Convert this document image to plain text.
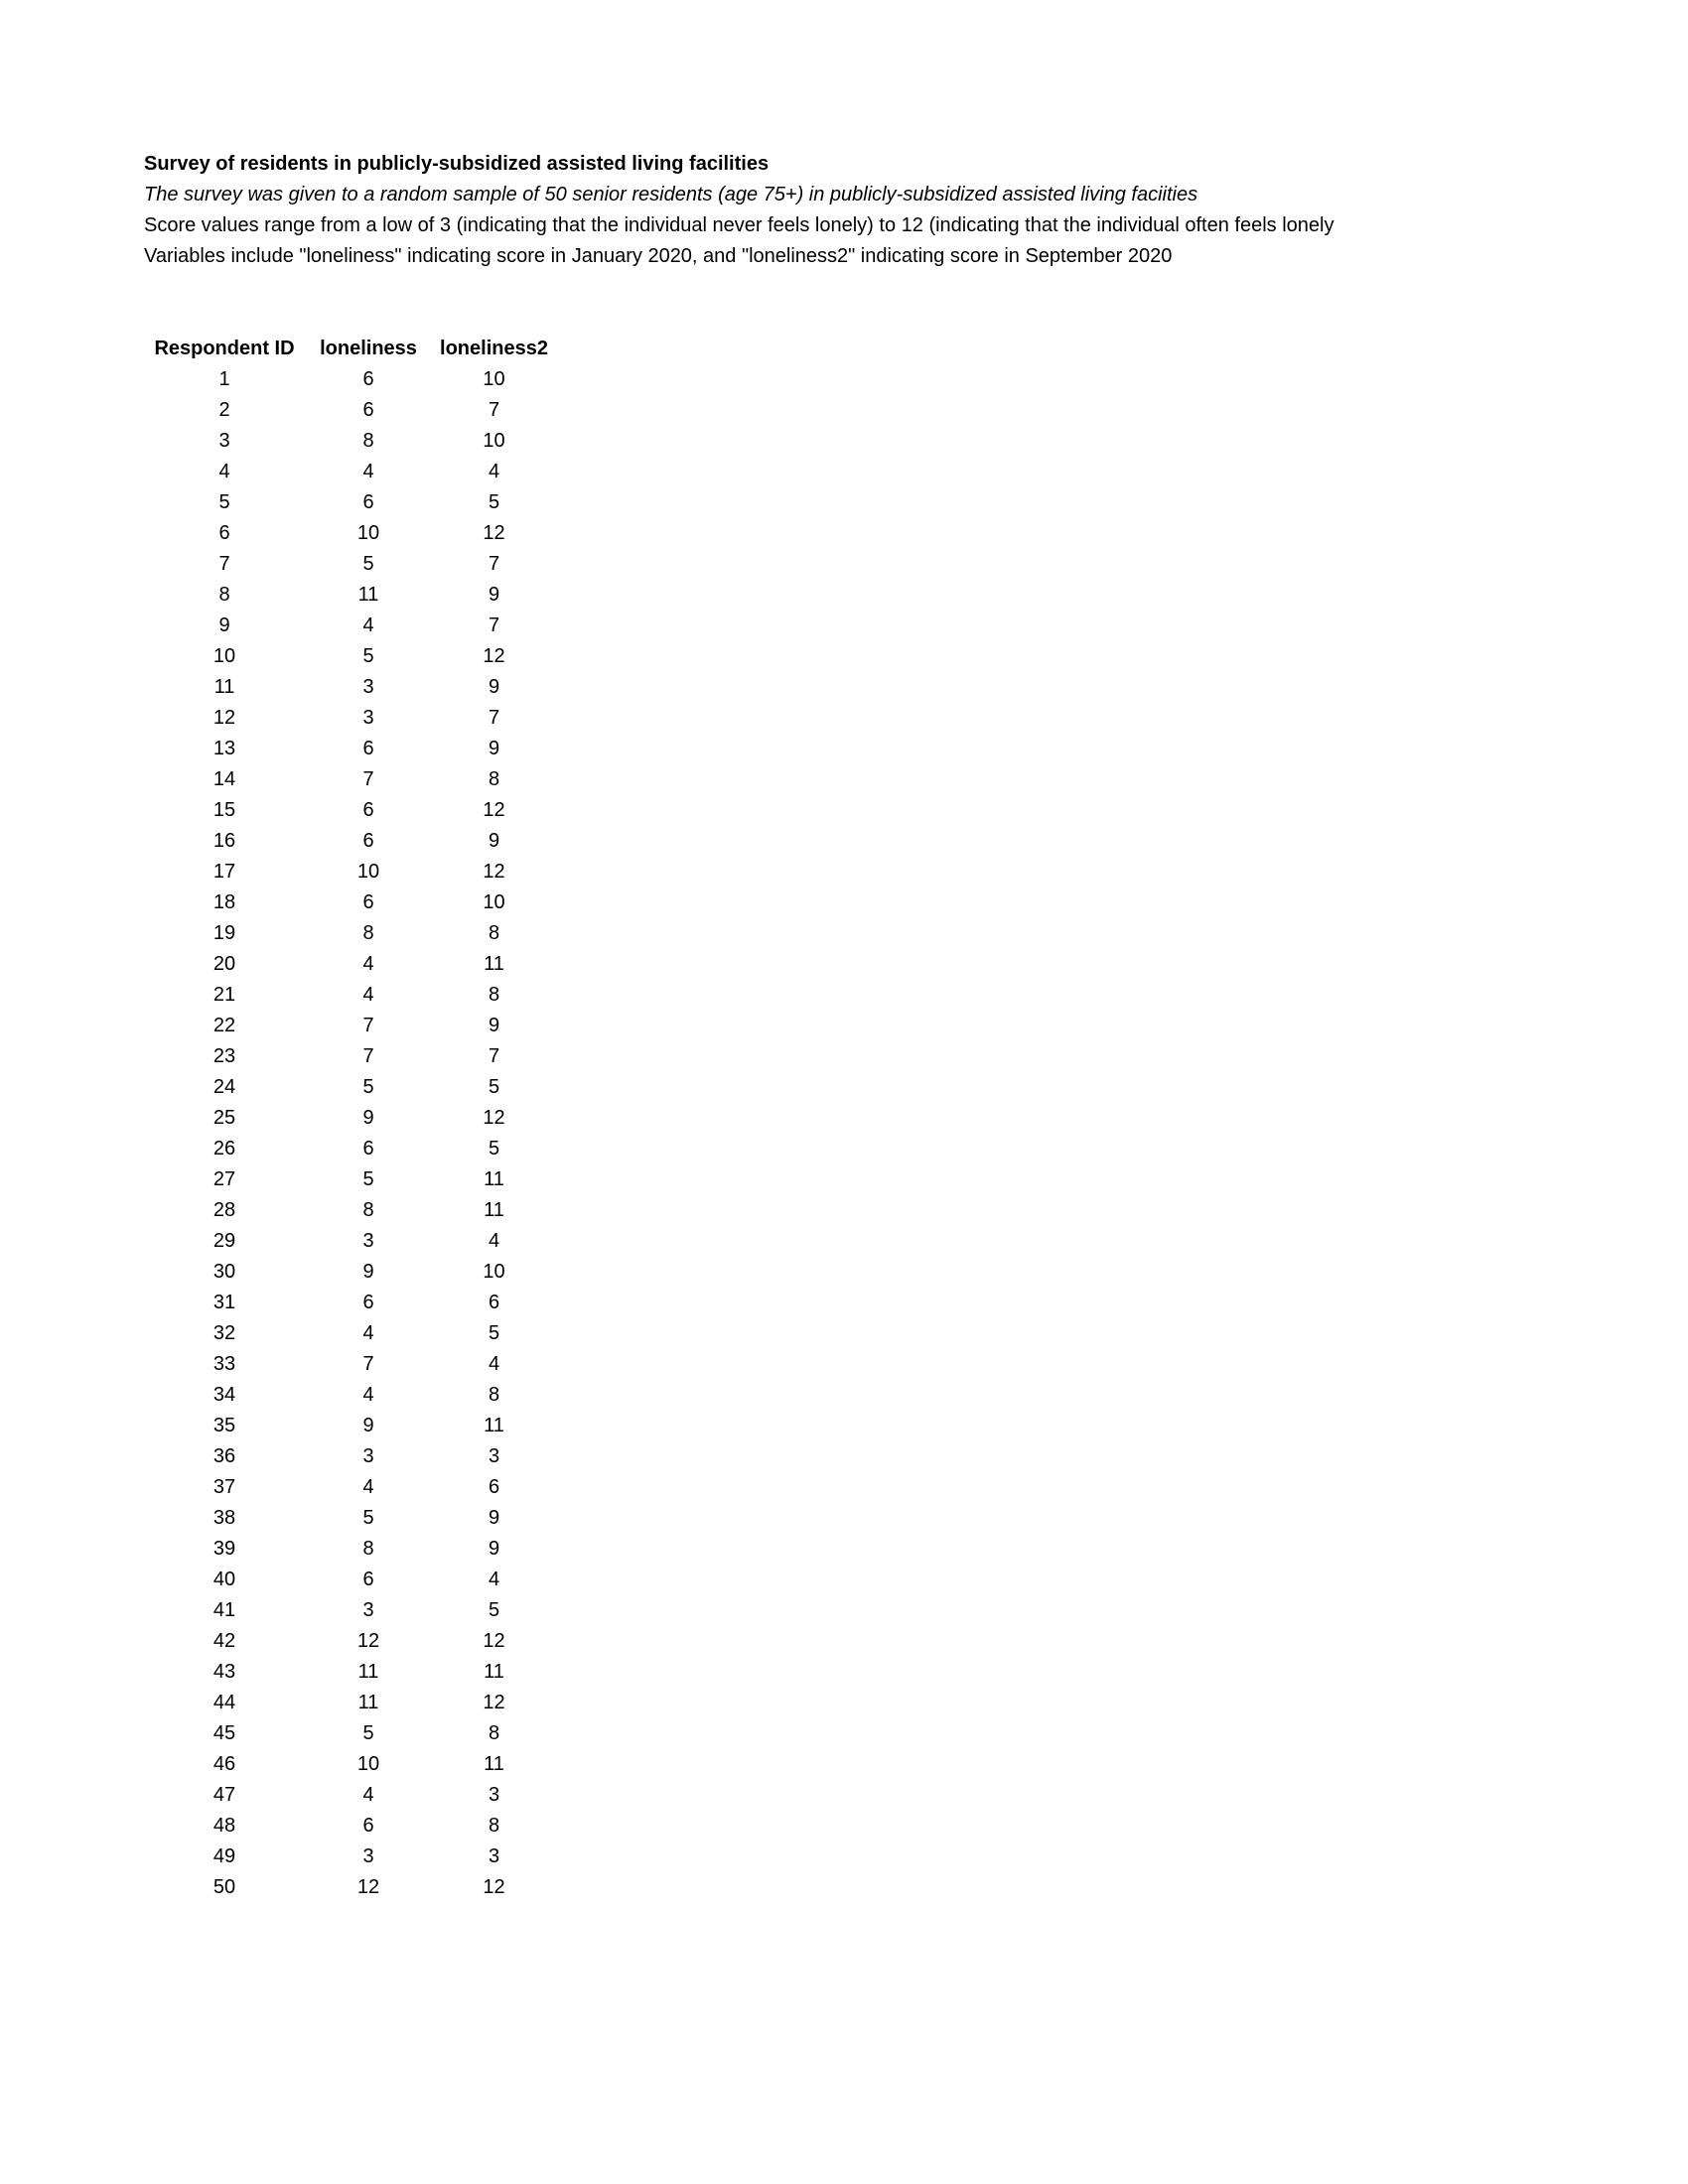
Survey of residents in publicly-subsidized assisted living facilities
The survey was given to a random sample of 50 senior residents (age 75+) in publicly-subsidized assisted living faciities
Score values range from a low of 3 (indicating that the individual never feels lonely) to 12 (indicating that the individual often feels lonely
Variables include "loneliness" indicating score in January 2020, and "loneliness2" indicating score in September 2020
Respondent ID	loneliness	loneliness2
1	6	10
2	6	7
3	8	10
4	4	4
5	6	5
6	10	12
7	5	7
8	11	9
9	4	7
10	5	12
11	3	9
12	3	7
13	6	9
14	7	8
15	6	12
16	6	9
17	10	12
18	6	10
19	8	8
20	4	11
21	4	8
22	7	9
23	7	7
24	5	5
25	9	12
26	6	5
27	5	11
28	8	11
29	3	4
30	9	10
31	6	6
32	4	5
33	7	4
34	4	8
35	9	11
36	3	3
37	4	6
38	5	9
39	8	9
40	6	4
41	3	5
42	12	12
43	11	11
44	11	12
45	5	8
46	10	11
47	4	3
48	6	8
49	3	3
50	12	12
